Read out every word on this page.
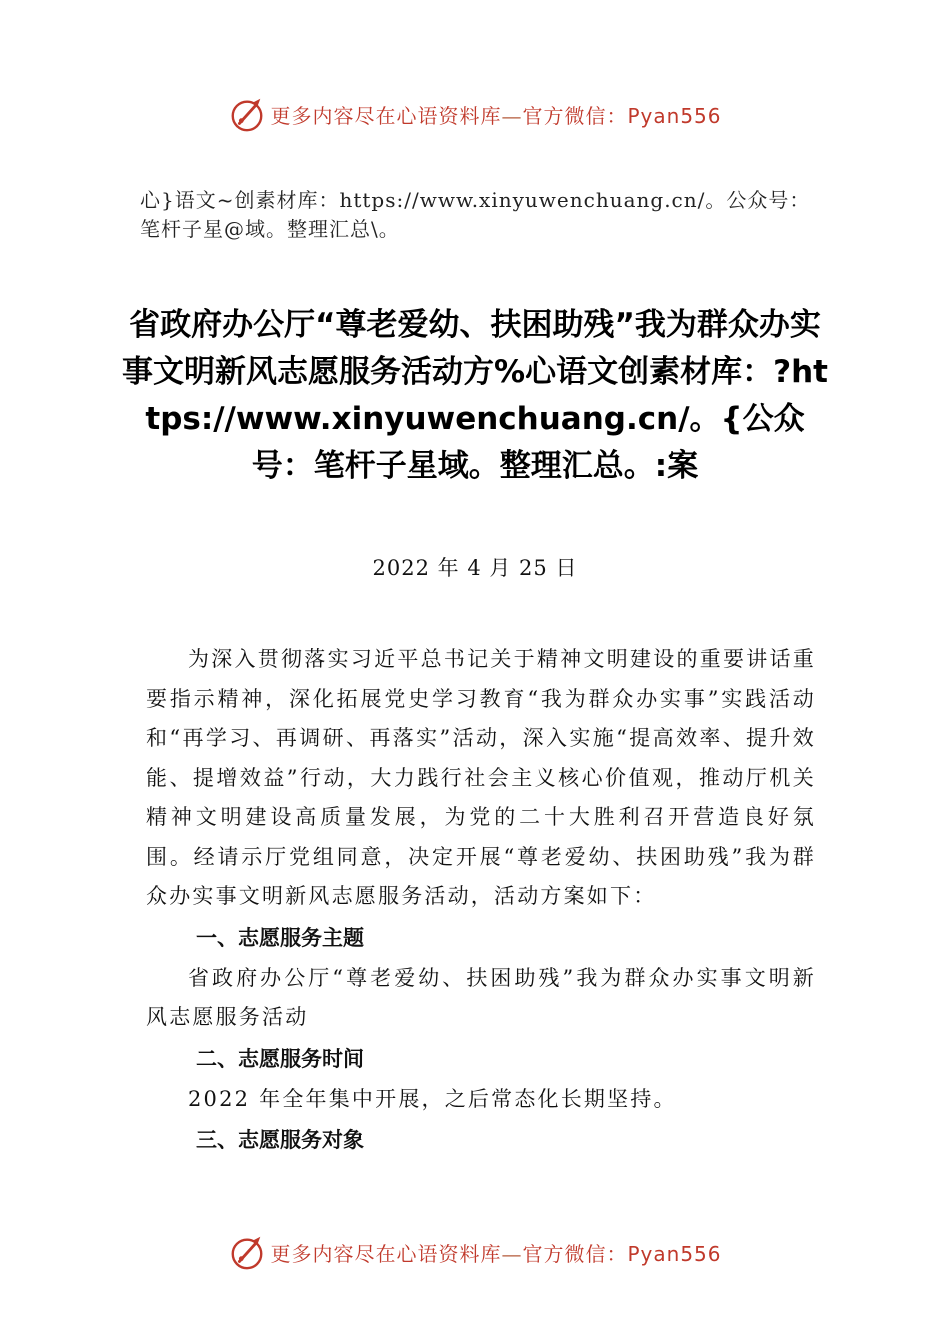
更多内容尽在心语资料库—官方微信：Pyan556
心}语文~创素材库：https://www.xinyuwenchuang.cn/。公众号：笔杆子星@域。整理汇总\。
省政府办公厅“尊老爱幼、扶困助残”我为群众办实事文明新风志愿服务活动方%心语文创素材库：?https://www.xinyuwenchuang.cn/。{公众号：笔杆子星域。整理汇总。:案
2022 年 4 月 25 日

为深入贯彻落实习近平总书记关于精神文明建设的重要讲话重要指示精神，深化拓展党史学习教育“我为群众办实事”实践活动和“再学习、再调研、再落实”活动，深入实施“提高效率、提升效能、提增效益”行动，大力践行社会主义核心价值观，推动厅机关精神文明建设高质量发展，为党的二十大胜利召开营造良好氛围。经请示厅党组同意，决定开展“尊老爱幼、扶困助残”我为群众办实事文明新风志愿服务活动，活动方案如下：

一、志愿服务主题

省政府办公厅“尊老爱幼、扶困助残”我为群众办实事文明新风志愿服务活动

二、志愿服务时间

2022 年全年集中开展，之后常态化长期坚持。

三、志愿服务对象

更多内容尽在心语资料库—官方微信：Pyan556
